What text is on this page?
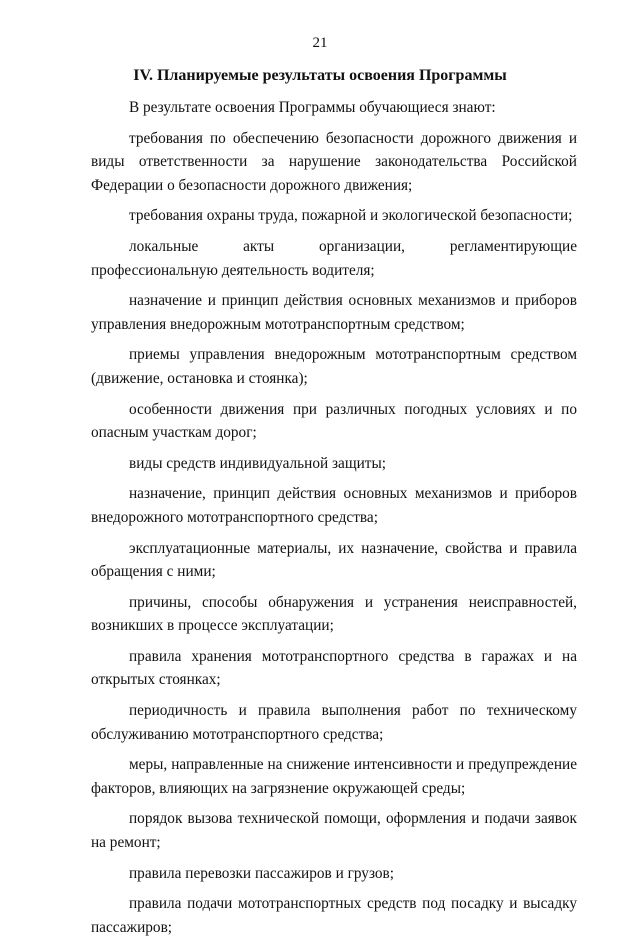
21
IV. Планируемые результаты освоения Программы

В результате освоения Программы обучающиеся знают:

требования по обеспечению безопасности дорожного движения и виды ответственности за нарушение законодательства Российской Федерации о безопасности дорожного движения;

требования охраны труда, пожарной и экологической безопасности;

локальные акты организации, регламентирующие профессиональную деятельность водителя;

назначение и принцип действия основных механизмов и приборов управления внедорожным мототранспортным средством;

приемы управления внедорожным мототранспортным средством (движение, остановка и стоянка);

особенности движения при различных погодных условиях и по опасным участкам дорог;

виды средств индивидуальной защиты;

назначение, принцип действия основных механизмов и приборов внедорожного мототранспортного средства;

эксплуатационные материалы, их назначение, свойства и правила обращения с ними;

причины, способы обнаружения и устранения неисправностей, возникших в процессе эксплуатации;

правила хранения мототранспортного средства в гаражах и на открытых стоянках;

периодичность и правила выполнения работ по техническому обслуживанию мототранспортного средства;

меры, направленные на снижение интенсивности и предупреждение факторов, влияющих на загрязнение окружающей среды;

порядок вызова технической помощи, оформления и подачи заявок на ремонт;

правила перевозки пассажиров и грузов;

правила подачи мототранспортных средств под посадку и высадку пассажиров;
